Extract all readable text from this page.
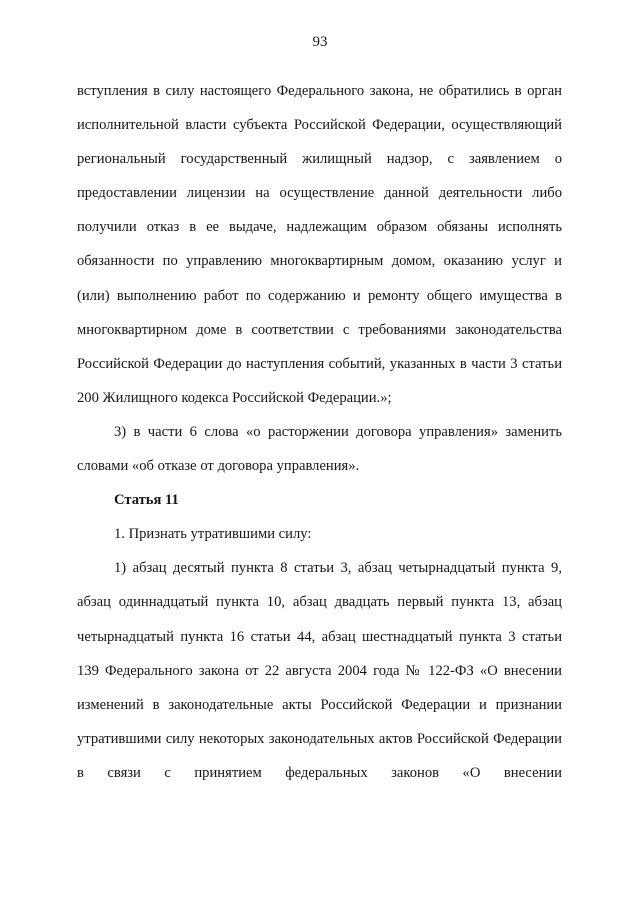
93

вступления в силу настоящего Федерального закона, не обратились в орган исполнительной власти субъекта Российской Федерации, осуществляющий региональный государственный жилищный надзор, с заявлением о предоставлении лицензии на осуществление данной деятельности либо получили отказ в ее выдаче, надлежащим образом обязаны исполнять обязанности по управлению многоквартирным домом, оказанию услуг и (или) выполнению работ по содержанию и ремонту общего имущества в многоквартирном доме в соответствии с требованиями законодательства Российской Федерации до наступления событий, указанных в части 3 статьи 200 Жилищного кодекса Российской Федерации.»;

3) в части 6 слова «о расторжении договора управления» заменить словами «об отказе от договора управления».

Статья 11

1. Признать утратившими силу:

1) абзац десятый пункта 8 статьи 3, абзац четырнадцатый пункта 9, абзац одиннадцатый пункта 10, абзац двадцать первый пункта 13, абзац четырнадцатый пункта 16 статьи 44, абзац шестнадцатый пункта 3 статьи 139 Федерального закона от 22 августа 2004 года № 122-ФЗ «О внесении изменений в законодательные акты Российской Федерации и признании утратившими силу некоторых законодательных актов Российской Федерации в связи с принятием федеральных законов «О внесении
